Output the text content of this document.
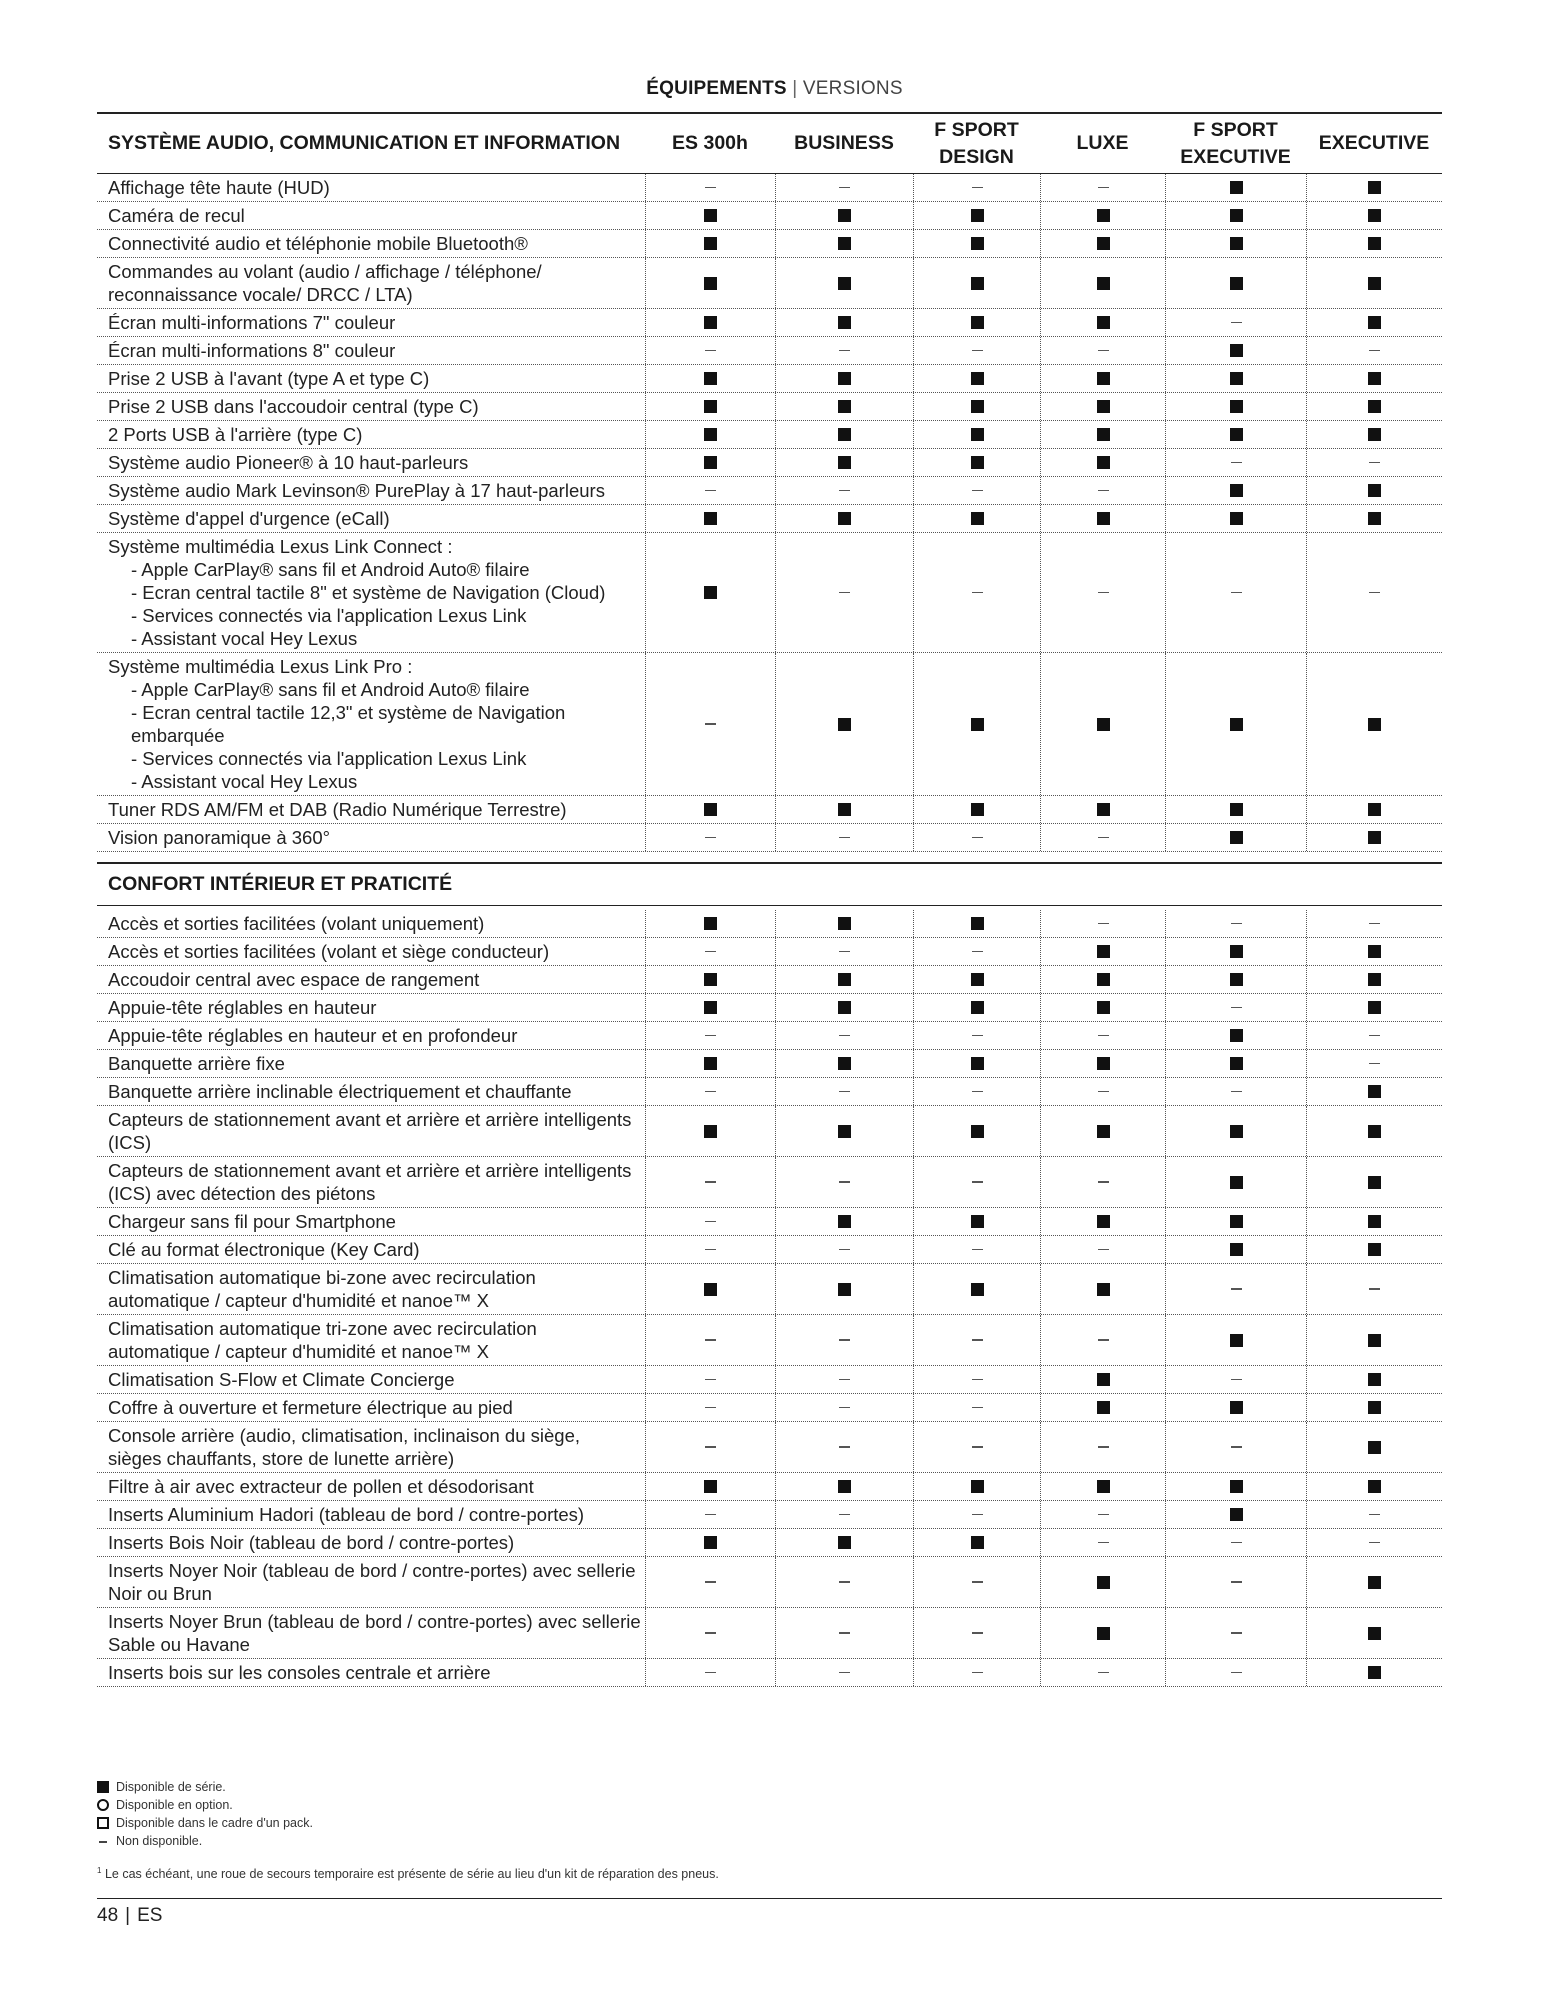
ÉQUIPEMENTS | VERSIONS
SYSTÈME AUDIO, COMMUNICATION ET INFORMATION	ES 300h	BUSINESS
F SPORT DESIGN
LUXE
F SPORT EXECUTIVE
EXECUTIVE
Affichage tête haute (HUD)
Caméra de recul
Connectivité audio et téléphonie mobile Bluetooth®
Commandes au volant (audio / affichage / téléphone/
reconnaissance vocale/ DRCC / LTA)
Écran multi-informations 7" couleur
Écran multi-informations 8" couleur
Prise 2 USB à l'avant (type A et type C)
Prise 2 USB dans l'accoudoir central (type C)
2 Ports USB à l'arrière (type C)
Système audio Pioneer® à 10 haut-parleurs
Système audio Mark Levinson® PurePlay à 17 haut-parleurs
Système d'appel d'urgence (eCall)
Système multimédia Lexus Link Connect :
- Apple CarPlay® sans fil et Android Auto® filaire
- Ecran central tactile 8" et système de Navigation (Cloud)
- Services connectés via l'application Lexus Link
- Assistant vocal Hey Lexus
Système multimédia Lexus Link Pro :
- Apple CarPlay® sans fil et Android Auto® filaire
- Ecran central tactile 12,3" et système de Navigation embarquée
- Services connectés via l'application Lexus Link
- Assistant vocal Hey Lexus
Tuner RDS AM/FM et DAB (Radio Numérique Terrestre)
Vision panoramique à 360°
CONFORT INTÉRIEUR ET PRATICITÉ
Accès et sorties facilitées (volant uniquement)
Accès et sorties facilitées (volant et siège conducteur)
Accoudoir central avec espace de rangement
Appuie-tête réglables en hauteur
Appuie-tête réglables en hauteur et en profondeur
Banquette arrière fixe
Banquette arrière inclinable électriquement et chauffante
Capteurs de stationnement avant et arrière et arrière intelligents (ICS)
Capteurs de stationnement avant et arrière et arrière intelligents
(ICS) avec détection des piétons
Chargeur sans fil pour Smartphone
Clé au format électronique (Key Card)
Climatisation automatique bi-zone avec recirculation
automatique / capteur d'humidité et nanoe™ X
Climatisation automatique tri-zone avec recirculation
automatique / capteur d'humidité et nanoe™ X
Climatisation S-Flow et Climate Concierge
Coffre à ouverture et fermeture électrique au pied
Console arrière (audio, climatisation, inclinaison du siège,
sièges chauffants, store de lunette arrière)
Filtre à air avec extracteur de pollen et désodorisant
Inserts Aluminium Hadori (tableau de bord / contre-portes)
Inserts Bois Noir (tableau de bord / contre-portes)
Inserts Noyer Noir (tableau de bord / contre-portes) avec sellerie
Noir ou Brun
Inserts Noyer Brun (tableau de bord / contre-portes) avec sellerie
Sable ou Havane
Inserts bois sur les consoles centrale et arrière
Disponible de série.
Disponible en option.
Disponible dans le cadre d'un pack.
Non disponible.
$^1$ Le cas échéant, une roue de secours temporaire est présente de série au lieu d'un kit de réparation des pneus.
48 | ES
